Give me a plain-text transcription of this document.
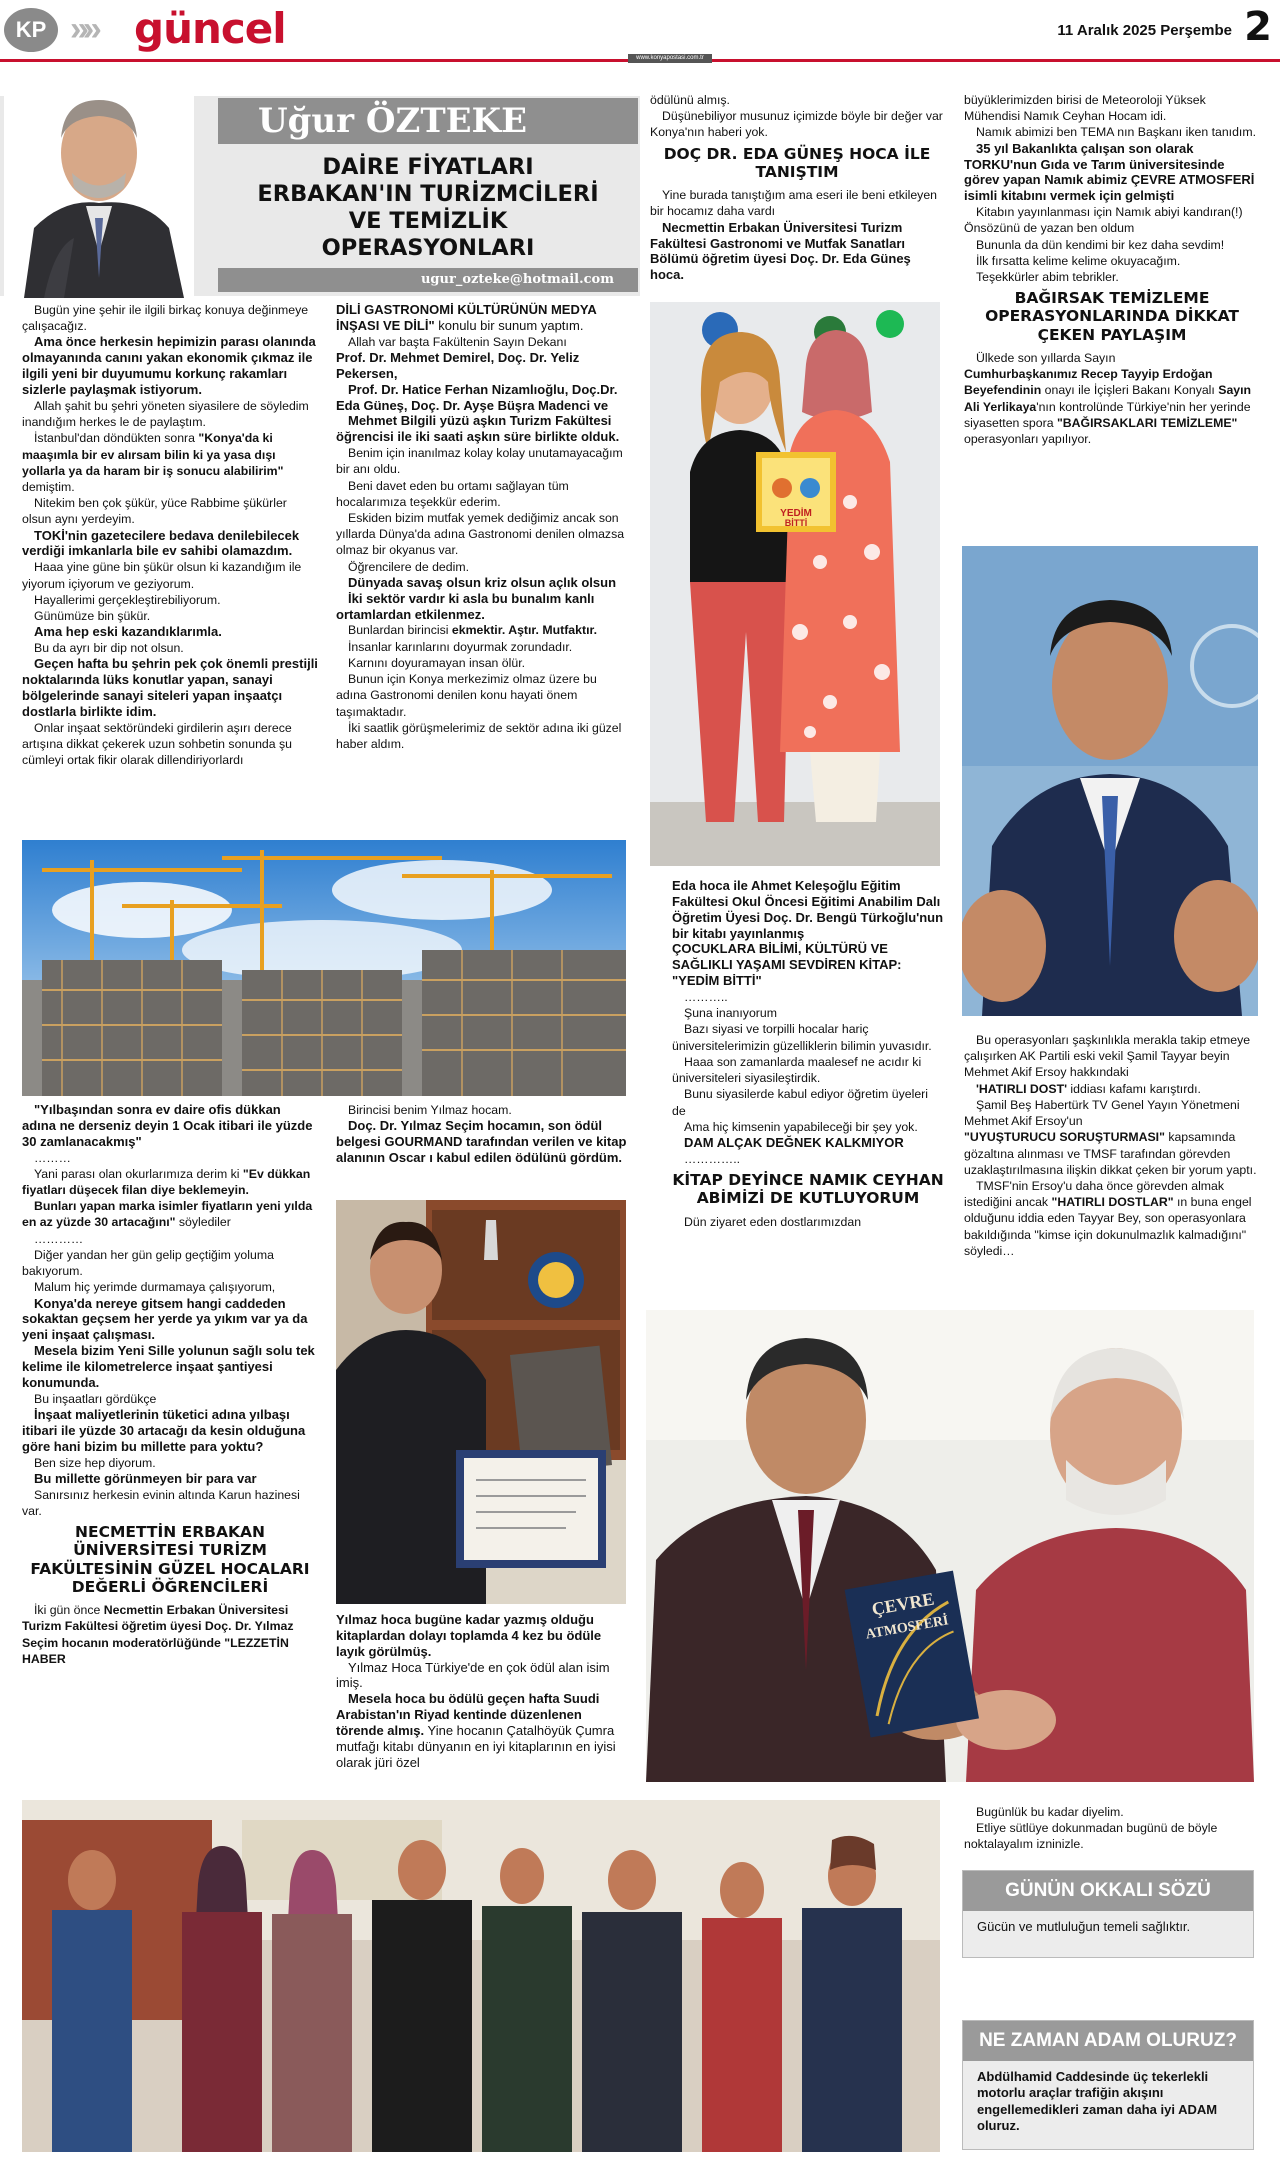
KP »» güncel	11 Aralık 2025 Perşembe 2
www.konyapostasi.com.tr
Uğur ÖZTEKE
DAİRE FİYATLARI
ERBAKAN'IN TURİZMCİLERİ
VE TEMİZLİK
OPERASYONLARI
ugur_ozteke@hotmail.com

Bugün yine şehir ile ilgili birkaç konuya değinmeye çalışacağız.

Ama önce herkesin hepimizin parası olanında olmayanında canını yakan ekonomik çıkmaz ile ilgili yeni bir duyumumu korkunç rakamları sizlerle paylaşmak istiyorum.

Allah şahit bu şehri yöneten siyasilere de söyledim inandığım herkes le de paylaştım.

İstanbul'dan döndükten sonra "Konya'da ki maaşımla bir ev alırsam bilin ki ya yasa dışı yollarla ya da haram bir iş sonucu alabilirim" demiştim.

Nitekim ben çok şükür, yüce Rabbime şükürler olsun aynı yerdeyim.

TOKİ'nin gazetecilere bedava denilebilecek verdiği imkanlarla bile ev sahibi olamazdım.

Haaa yine güne bin şükür olsun ki kazandığım ile yiyorum içiyorum ve geziyorum.

Hayallerimi gerçekleştirebiliyorum.

Günümüze bin şükür.

Ama hep eski kazandıklarımla.

Bu da ayrı bir dip not olsun.

Geçen hafta bu şehrin pek çok önemli prestijli noktalarında lüks konutlar yapan, sanayi bölgelerinde sanayi siteleri yapan inşaatçı dostlarla birlikte idim.

Onlar inşaat sektöründeki girdilerin aşırı derece artışına dikkat çekerek uzun sohbetin sonunda şu cümleyi ortak fikir olarak dillendiriyorlardı

DİLİ GASTRONOMİ KÜLTÜRÜNÜN MEDYA İNŞASI VE DİLİ" konulu bir sunum yaptım.

Allah var başta Fakültenin Sayın Dekanı

Prof. Dr. Mehmet Demirel, Doç. Dr. Yeliz Pekersen,

Prof. Dr. Hatice Ferhan Nizamlıoğlu, Doç.Dr. Eda Güneş, Doç. Dr. Ayşe Büşra Madenci ve

Mehmet Bilgili yüzü aşkın Turizm Fakültesi öğrencisi ile iki saati aşkın süre birlikte olduk.

Benim için inanılmaz kolay kolay unutamayacağım bir anı oldu.

Beni davet eden bu ortamı sağlayan tüm hocalarımıza teşekkür ederim.

Eskiden bizim mutfak yemek dediğimiz ancak son yıllarda Dünya'da adına Gastronomi denilen olmazsa olmaz bir okyanus var.

Öğrencilere de dedim.

Dünyada savaş olsun kriz olsun açlık olsun

İki sektör vardır ki asla bu bunalım kanlı ortamlardan etkilenmez.

Bunlardan birincisi ekmektir. Aştır. Mutfaktır.

İnsanlar karınlarını doyurmak zorundadır.

Karnını doyuramayan insan ölür.

Bunun için Konya merkezimiz olmaz üzere bu adına Gastronomi denilen konu hayati önem taşımaktadır.

İki saatlik görüşmelerimiz de sektör adına iki güzel haber aldım.

"Yılbaşından sonra ev daire ofis dükkan adına ne derseniz deyin 1 Ocak itibari ile yüzde 30 zamlanacakmış"

………

Yani parası olan okurlarımıza derim ki "Ev dükkan fiyatları düşecek filan diye beklemeyin.

Bunları yapan marka isimler fiyatların yeni yılda en az yüzde 30 artacağını" söylediler

…………

Diğer yandan her gün gelip geçtiğim yoluma bakıyorum.

Malum hiç yerimde durmamaya çalışıyorum,

Konya'da nereye gitsem hangi caddeden sokaktan geçsem her yerde ya yıkım var ya da yeni inşaat çalışması.

Mesela bizim Yeni Sille yolunun sağlı solu tek kelime ile kilometrelerce inşaat şantiyesi konumunda.

Bu inşaatları gördükçe

İnşaat maliyetlerinin tüketici adına yılbaşı itibari ile yüzde 30 artacağı da kesin olduğuna göre hani bizim bu millette para yoktu?

Ben size hep diyorum.

Bu millette görünmeyen bir para var

Sanırsınız herkesin evinin altında Karun hazinesi var.

NECMETTİN ERBAKAN ÜNİVERSİTESİ TURİZM FAKÜLTESİNİN GÜZEL HOCALARI DEĞERLİ ÖĞRENCİLERİ

İki gün önce Necmettin Erbakan Üniversitesi Turizm Fakültesi öğretim üyesi Doç. Dr. Yılmaz Seçim hocanın moderatörlüğünde "LEZZETİN HABER

Birincisi benim Yılmaz hocam.

Doç. Dr. Yılmaz Seçim hocamın, son ödül belgesi GOURMAND tarafından verilen ve kitap alanının Oscar ı kabul edilen ödülünü gördüm.

Yılmaz hoca bugüne kadar yazmış olduğu kitaplardan dolayı toplamda 4 kez bu ödüle layık görülmüş.
Yılmaz Hoca Türkiye'de en çok ödül alan isim imiş.
Mesela hoca bu ödülü geçen hafta Suudi Arabistan'ın Riyad kentinde düzenlenen törende almış. Yine hocanın Çatalhöyük Çumra mutfağı kitabı dünyanın en iyi kitaplarının en iyisi olarak jüri özel

ödülünü almış.

Düşünebiliyor musunuz içimizde böyle bir değer var Konya'nın haberi yok.

DOÇ DR. EDA GÜNEŞ HOCA İLE TANIŞTIM

Yine burada tanıştığım ama eseri ile beni etkileyen bir hocamız daha vardı

Necmettin Erbakan Üniversitesi Turizm Fakültesi Gastronomi ve Mutfak Sanatları Bölümü öğretim üyesi Doç. Dr. Eda Güneş hoca.

YEDİM
BİTTİ

Eda hoca ile Ahmet Keleşoğlu Eğitim Fakültesi Okul Öncesi Eğitimi Anabilim Dalı Öğretim Üyesi Doç. Dr. Bengü Türkoğlu'nun bir kitabı yayınlanmış

ÇOCUKLARA BİLİMİ, KÜLTÜRÜ VE SAĞLIKLI YAŞAMI SEVDİREN KİTAP: "YEDİM BİTTİ"

………..

Şuna inanıyorum

Bazı siyasi ve torpilli hocalar hariç üniversitelerimizin güzelliklerin bilimin yuvasıdır.

Haaa son zamanlarda maalesef ne acıdır ki üniversiteleri siyasileştirdik.

Bunu siyasilerde kabul ediyor öğretim üyeleri de

Ama hiç kimsenin yapabileceği bir şey yok.

DAM ALÇAK DEĞNEK KALKMIYOR

…………..

KİTAP DEYİNCE NAMIK CEYHAN ABİMİZİ DE KUTLUYORUM

Dün ziyaret eden dostlarımızdan

büyüklerimizden birisi de Meteoroloji Yüksek Mühendisi Namık Ceyhan Hocam idi.

Namık abimizi ben TEMA nın Başkanı iken tanıdım.

35 yıl Bakanlıkta çalışan son olarak TORKU'nun Gıda ve Tarım üniversitesinde görev yapan Namık abimiz ÇEVRE ATMOSFERİ isimli kitabını vermek için gelmişti

Kitabın yayınlanması için Namık abiyi kandıran(!) Önsözünü de yazan ben oldum

Bununla da dün kendimi bir kez daha sevdim!

İlk fırsatta kelime kelime okuyacağım.

Teşekkürler abim tebrikler.

BAĞIRSAK TEMİZLEME OPERASYONLARINDA DİKKAT ÇEKEN PAYLAŞIM

Ülkede son yıllarda Sayın

Cumhurbaşkanımız Recep Tayyip Erdoğan Beyefendinin onayı ile İçişleri Bakanı Konyalı Sayın Ali Yerlikaya'nın kontrolünde Türkiye'nin her yerinde siyasetten spora "BAĞIRSAKLARI TEMİZLEME" operasyonları yapılıyor.

Bu operasyonları şaşkınlıkla merakla takip etmeye çalışırken AK Partili eski vekil Şamil Tayyar beyin Mehmet Akif Ersoy hakkındaki

'HATIRLI DOST' iddiası kafamı karıştırdı.

Şamil Beş Habertürk TV Genel Yayın Yönetmeni Mehmet Akif Ersoy'un

"UYUŞTURUCU SORUŞTURMASI" kapsamında gözaltına alınması ve TMSF tarafından görevden uzaklaştırılmasına ilişkin dikkat çeken bir yorum yaptı.

TMSF'nin Ersoy'u daha önce görevden almak istediğini ancak "HATIRLI DOSTLAR" ın buna engel olduğunu iddia eden Tayyar Bey, son operasyonlara bakıldığında "kimse için dokunulmazlık kalmadığını" söyledi…

ÇEVRE
ATMOSFERİ

Bugünlük bu kadar diyelim.

Etliye sütlüye dokunmadan bugünü de böyle noktalayalım izninizle.

GÜNÜN OKKALI SÖZÜ
Gücün ve mutluluğun temeli sağlıktır.
NE ZAMAN ADAM OLURUZ?
Abdülhamid Caddesinde üç tekerlekli motorlu araçlar trafiğin akışını engellemedikleri zaman daha iyi ADAM oluruz.
